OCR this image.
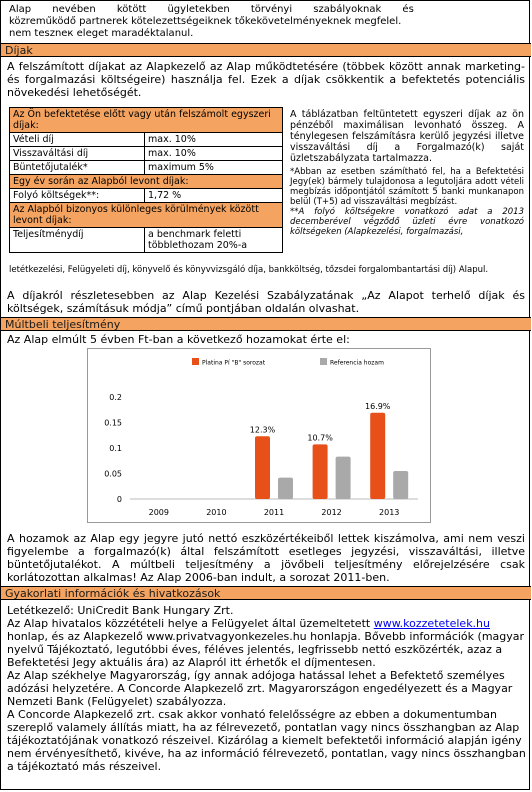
Alap nevében kötött ügyletekben törvényi szabályoknak és
közreműködő partnerek kötelezettségeiknek tőkekövetelményeknek megfelel.
nem teszneк eleget maradéktalanul.
Díjak
A felszámított díjakat az Alapkezelő az Alap működtetésére (többek között annak marketing- és forgalmazási költségeire) használja fel. Ezek a díjak csökkentik a befektetés potenciális növekedési lehetőségét.
Az Ön befektetése előtt vagy után felszámolt egyszeri díjak:	
Vételi díj	max. 10%
Visszaváltási díj	max. 10%
Büntetőjutalék*	maximum 5%
Egy év során az Alapból levont díjak:	
Folyó költségek**:	1,72 %
Az Alapból bizonyos különleges körülmények között levont díjak:	
Teljesítménydíj	a benchmark feletti többlethozam 20%-a
A táblázatban feltüntetett egyszeri díjak az ön pénzéből maximálisan levonható összeg. A ténylegesen felszámításra kerülő jegyzési illetve visszaváltási díj a Forgalmazó(k) saját üzletszabályzata tartalmazza.
*Abban az esetben számítható fel, ha a Befektetési Jegy(ek) bármely tulajdonosa a legutoljára adott vételi megbízás időpontjától számított 5 banki munkanapon belül (T+5) ad visszaváltási megbízást.
**A folyó költségekre vonatkozó adat a 2013 decemberével végződő üzleti évre vonatkozó költségeken (Alapkezelési, forgalmazási,
letétkezelési, Felügyeleti díj, könyvelő és könyvvizsgáló díja, bankköltség, tőzsdei forgalombantartási díj) Alapul.
A díjakról részletesebben az Alap Kezelési Szabályzatának „Az Alapot terhelő díjak és költségek, számításuk módja” című pontjában oldalán olvashat.
Múltbeli teljesítmény
Az Alap elmúlt 5 évben Ft-ban a következő hozamokat érte el:
0
0.05
0.1
0.15
0.2
2009	2010	2011
12.3%
2012
10.7%
2013
16.9%
Platina Pí "B" sorozat	Referencia hozam
A hozamok az Alap egy jegyre jutó nettó eszközértékeiből lettek kiszámolva, ami nem veszi figyelembe a forgalmazó(k) által felszámított esetleges jegyzési, visszaváltási, illetve büntetőjutalékot. A múltbeli teljesítmény a jövőbeli teljesítmény előrejelzésére csak korlátozottan alkalmas! Az Alap 2006-ban indult, a sorozat 2011-ben.
Gyakorlati információk és hivatkozások
Letétkezelő: UniCredit Bank Hungary Zrt.
Az Alap hivatalos közzétételi helye a Felügyelet által üzemeltetett www.kozzetetelek.hu honlap, és az Alapkezelő www.privatvagyonkezeles.hu honlapja. Bővebb információk (magyar nyelvű Tájékoztató, legutóbbi éves, féléves jelentés, legfrissebb nettó eszközérték, azaz a Befektetési Jegy aktuális ára) az Alapról itt érhetők el díjmentesen.
Az Alap székhelye Magyarország, így annak adójoga hatással lehet a Befektető személyes adózási helyzetére. A Concorde Alapkezelő zrt. Magyarországon engedélyezett és a Magyar Nemzeti Bank (Felügyelet) szabályozza.
A Concorde Alapkezelő zrt. csak akkor vonható felelősségre az ebben a dokumentumban szereplő valamely állítás miatt, ha az félrevezető, pontatlan vagy nincs összhangban az Alap tájékoztatójának vonatkozó részeivel. Kizárólag a kiemelt befektetői információ alapján igény nem érvényesíthető, kivéve, ha az információ félrevezető, pontatlan, vagy nincs összhangban a tájékoztató más részeivel.
